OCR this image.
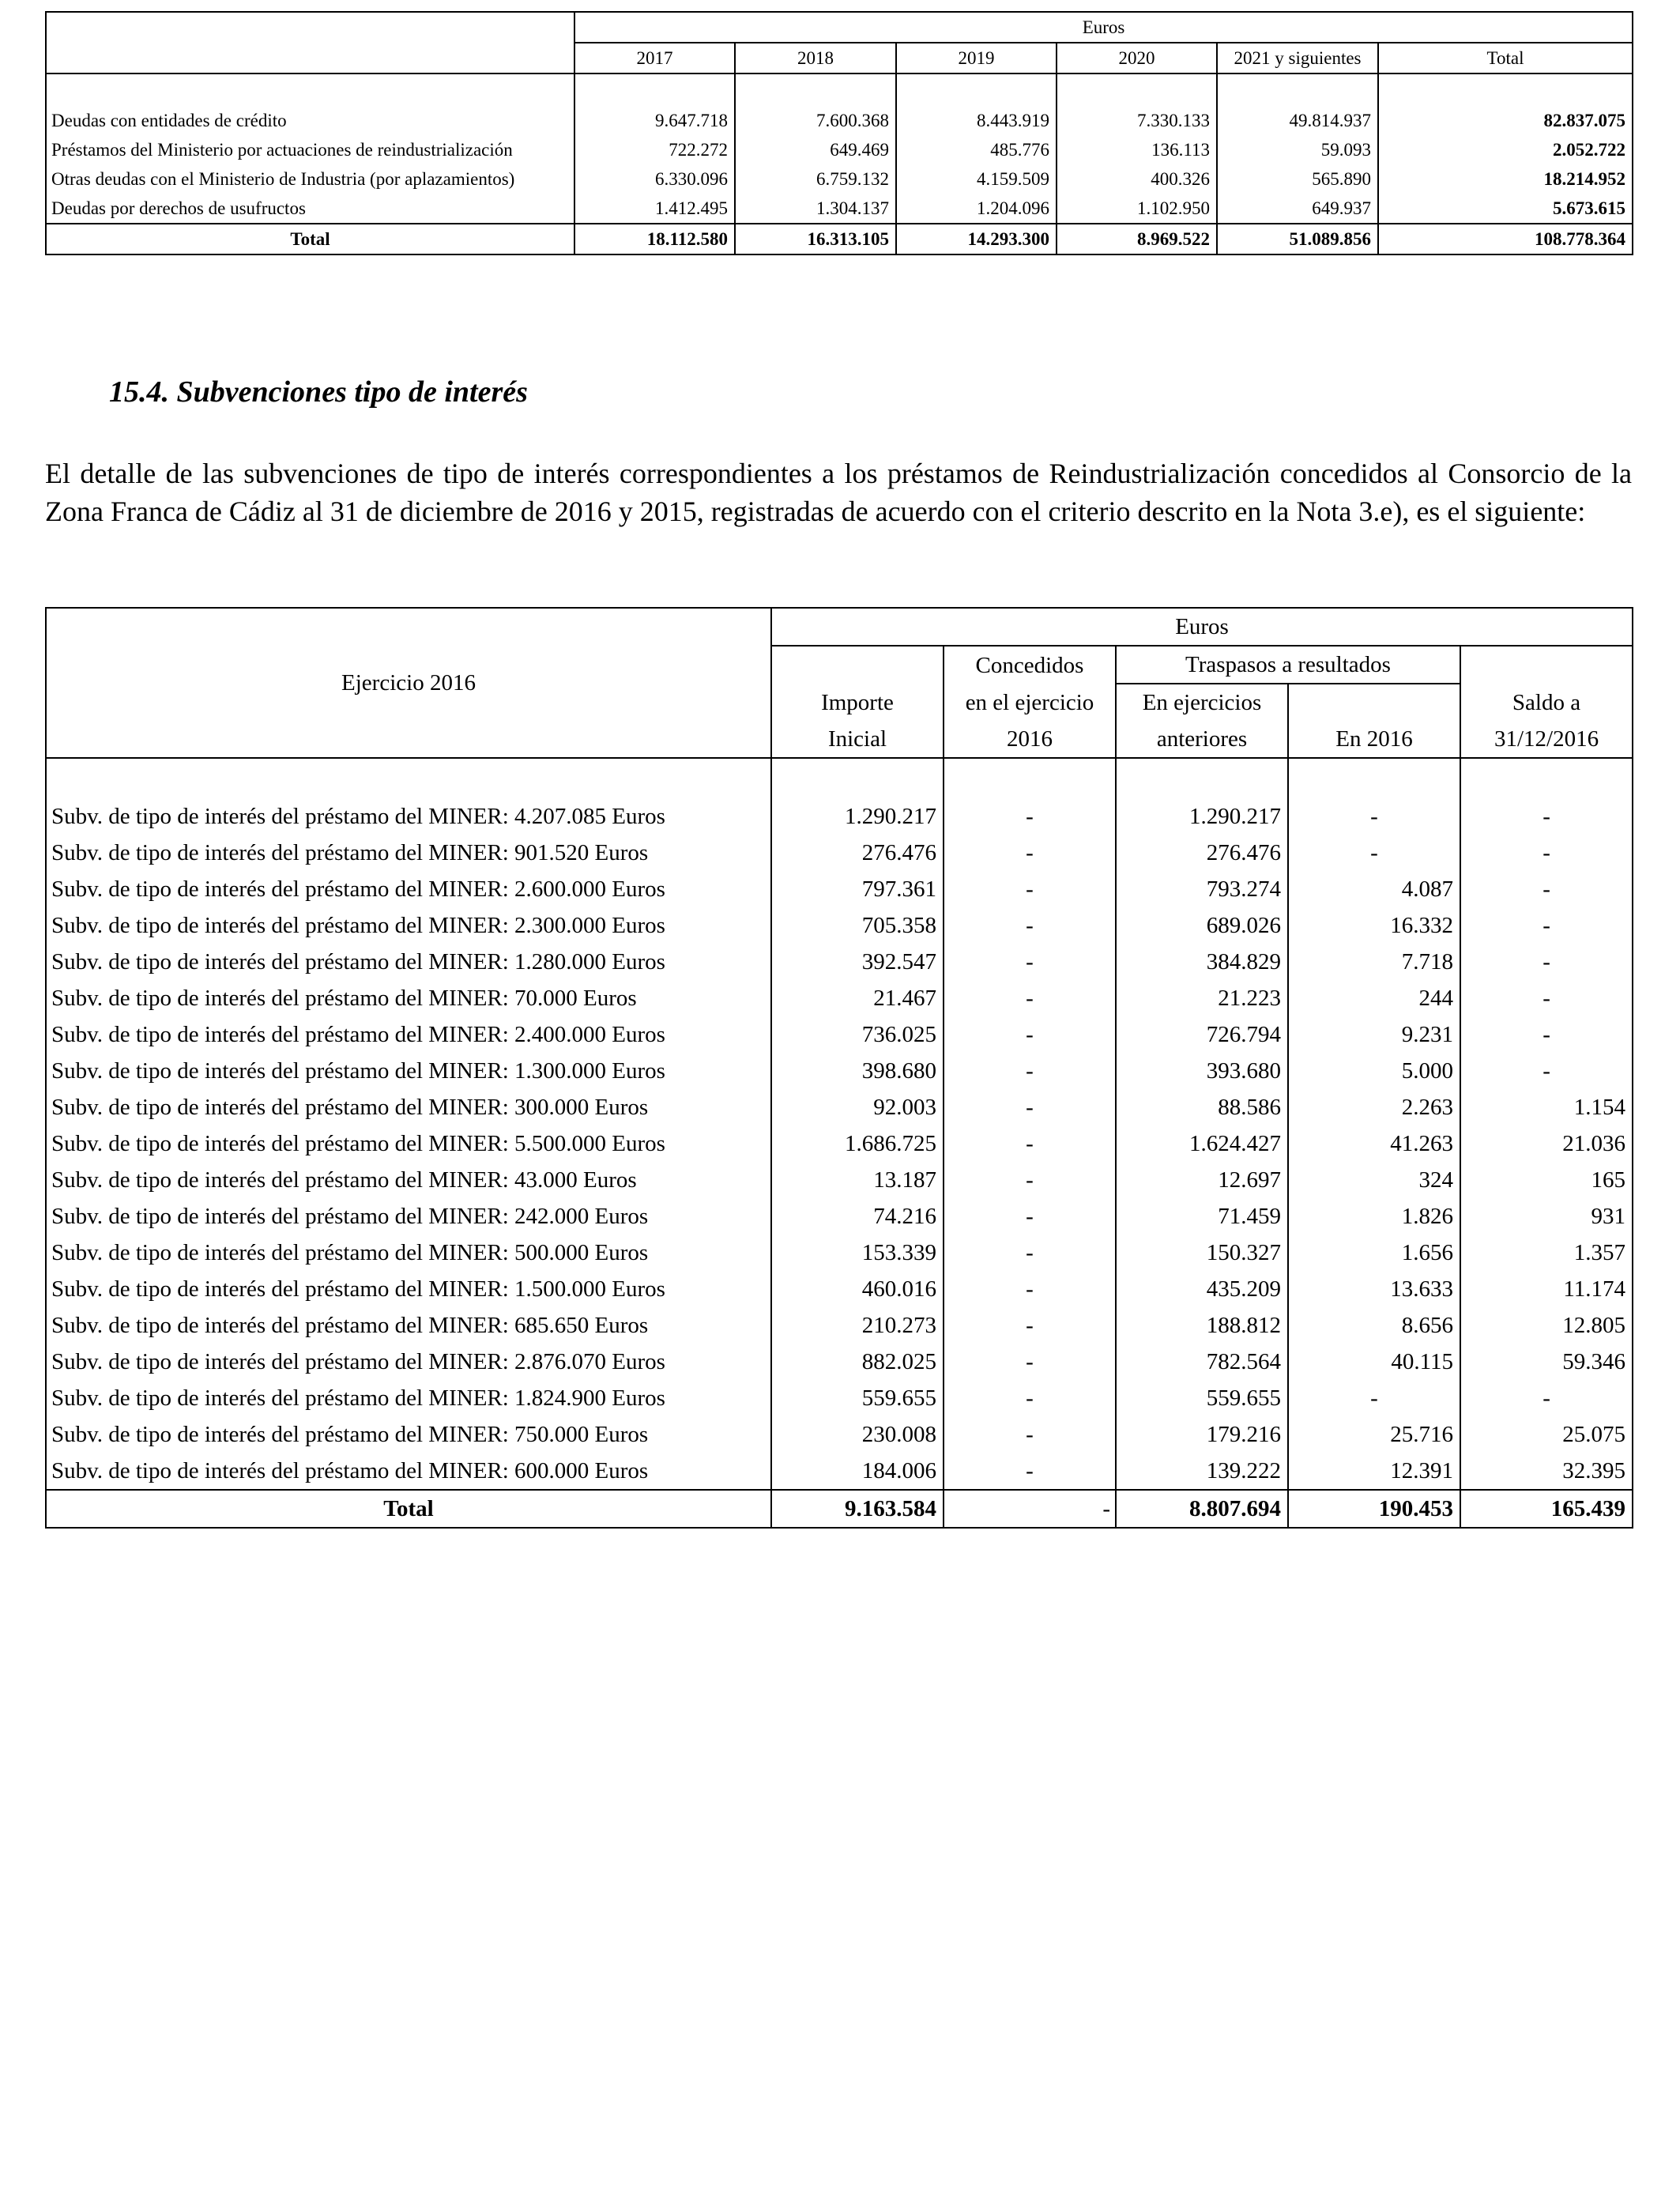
	Euros					
	2017	2018	2019	2020	2021 y siguientes	Total

Deudas con entidades de crédito	9.647.718	7.600.368	8.443.919	7.330.133	49.814.937	82.837.075
Préstamos del Ministerio por actuaciones de reindustrialización	722.272	649.469	485.776	136.113	59.093	2.052.722
Otras deudas con el Ministerio de Industria (por aplazamientos)	6.330.096	6.759.132	4.159.509	400.326	565.890	18.214.952
Deudas por derechos de usufructos	1.412.495	1.304.137	1.204.096	1.102.950	649.937	5.673.615
Total	18.112.580	16.313.105	14.293.300	8.969.522	51.089.856	108.778.364
15.4. Subvenciones tipo de interés

El detalle de las subvenciones de tipo de interés correspondientes a los préstamos de Reindustrialización concedidos al Consorcio de la Zona Franca de Cádiz al 31 de diciembre de 2016 y 2015, registradas de acuerdo con el criterio descrito en la Nota 3.e), es el siguiente:

Ejercicio 2016	Euros				
		Concedidos	Traspasos a resultados		
	Importe	en el ejercicio	En ejercicios		Saldo a
	Inicial	2016	anteriores	En 2016	31/12/2016

Subv. de tipo de interés del préstamo del MINER: 4.207.085 Euros	1.290.217	-	1.290.217	-	-
Subv. de tipo de interés del préstamo del MINER: 901.520 Euros	276.476	-	276.476	-	-
Subv. de tipo de interés del préstamo del MINER: 2.600.000 Euros	797.361	-	793.274	4.087	-
Subv. de tipo de interés del préstamo del MINER: 2.300.000 Euros	705.358	-	689.026	16.332	-
Subv. de tipo de interés del préstamo del MINER: 1.280.000 Euros	392.547	-	384.829	7.718	-
Subv. de tipo de interés del préstamo del MINER: 70.000 Euros	21.467	-	21.223	244	-
Subv. de tipo de interés del préstamo del MINER: 2.400.000 Euros	736.025	-	726.794	9.231	-
Subv. de tipo de interés del préstamo del MINER: 1.300.000 Euros	398.680	-	393.680	5.000	-
Subv. de tipo de interés del préstamo del MINER: 300.000 Euros	92.003	-	88.586	2.263	1.154
Subv. de tipo de interés del préstamo del MINER: 5.500.000 Euros	1.686.725	-	1.624.427	41.263	21.036
Subv. de tipo de interés del préstamo del MINER: 43.000 Euros	13.187	-	12.697	324	165
Subv. de tipo de interés del préstamo del MINER: 242.000 Euros	74.216	-	71.459	1.826	931
Subv. de tipo de interés del préstamo del MINER: 500.000 Euros	153.339	-	150.327	1.656	1.357
Subv. de tipo de interés del préstamo del MINER: 1.500.000 Euros	460.016	-	435.209	13.633	11.174
Subv. de tipo de interés del préstamo del MINER: 685.650 Euros	210.273	-	188.812	8.656	12.805
Subv. de tipo de interés del préstamo del MINER: 2.876.070 Euros	882.025	-	782.564	40.115	59.346
Subv. de tipo de interés del préstamo del MINER: 1.824.900 Euros	559.655	-	559.655	-	-
Subv. de tipo de interés del préstamo del MINER: 750.000 Euros	230.008	-	179.216	25.716	25.075
Subv. de tipo de interés del préstamo del MINER: 600.000 Euros	184.006	-	139.222	12.391	32.395
Total	9.163.584	-	8.807.694	190.453	165.439
